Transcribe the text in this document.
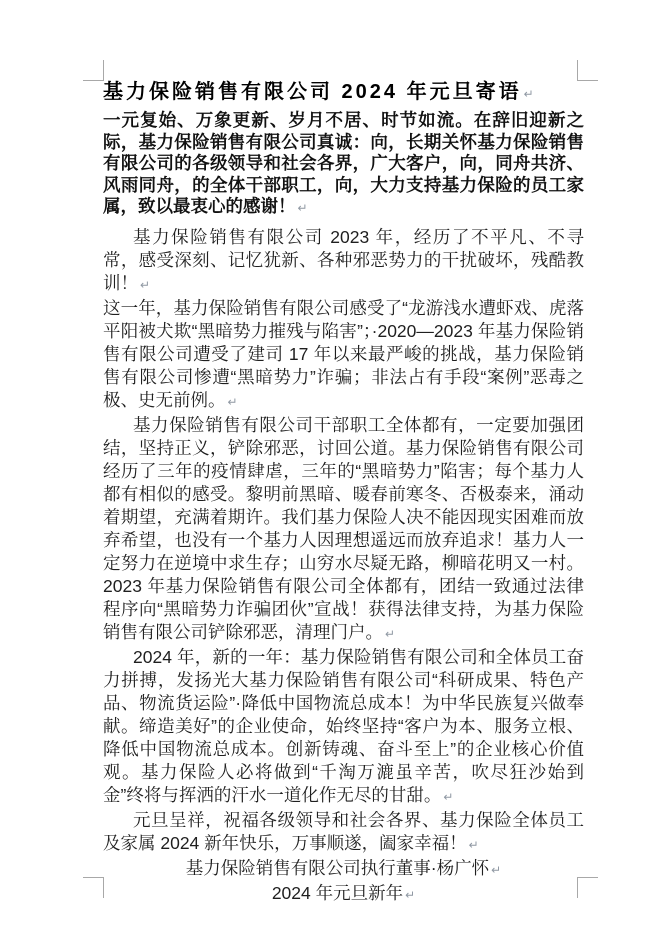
基力保险销售有限公司 2024 年元旦寄语 ↵

一元复始、万象更新、岁月不居、时节如流。在辞旧迎新之际，基力保险销售有限公司真诚：向，长期关怀基力保险销售有限公司的各级领导和社会各界，广大客户，向，同舟共济、风雨同舟，的全体干部职工，向，大力支持基力保险的员工家属，致以最衷心的感谢！ ↵

基力保险销售有限公司 2023 年，经历了不平凡、不寻常，感受深刻、记忆犹新、各种邪恶势力的干扰破坏，残酷教训！ ↵

这一年，基力保险销售有限公司感受了“龙游浅水遭虾戏、虎落平阳被犬欺“黑暗势力摧残与陷害”；·2020—2023 年基力保险销售有限公司遭受了建司 17 年以来最严峻的挑战，基力保险销售有限公司惨遭“黑暗势力”诈骗；非法占有手段“案例”恶毒之极、史无前例。 ↵

基力保险销售有限公司干部职工全体都有，一定要加强团结，坚持正义，铲除邪恶，讨回公道。基力保险销售有限公司经历了三年的疫情肆虐，三年的“黑暗势力”陷害；每个基力人都有相似的感受。黎明前黑暗、暖春前寒冬、否极泰来，涌动着期望，充满着期许。我们基力保险人决不能因现实困难而放弃希望，也没有一个基力人因理想遥远而放弃追求！基力人一定努力在逆境中求生存；山穷水尽疑无路，柳暗花明又一村。2023 年基力保险销售有限公司全体都有，团结一致通过法律程序向“黑暗势力诈骗团伙”宣战！获得法律支持，为基力保险销售有限公司铲除邪恶，清理门户。 ↵

2024 年，新的一年：基力保险销售有限公司和全体员工奋力拼搏，发扬光大基力保险销售有限公司“科研成果、特色产品、物流货运险”·降低中国物流总成本！为中华民族复兴做奉献。缔造美好”的企业使命，始终坚持“客户为本、服务立根、降低中国物流总成本。创新铸魂、奋斗至上”的企业核心价值观。基力保险人必将做到“千淘万漉虽辛苦，吹尽狂沙始到金”终将与挥洒的汗水一道化作无尽的甘甜。 ↵

元旦呈祥，祝福各级领导和社会各界、基力保险全体员工及家属 2024 新年快乐，万事顺遂，阖家幸福！ ↵

基力保险销售有限公司执行董事·杨广怀 ↵

2024 年元旦新年 ↵
